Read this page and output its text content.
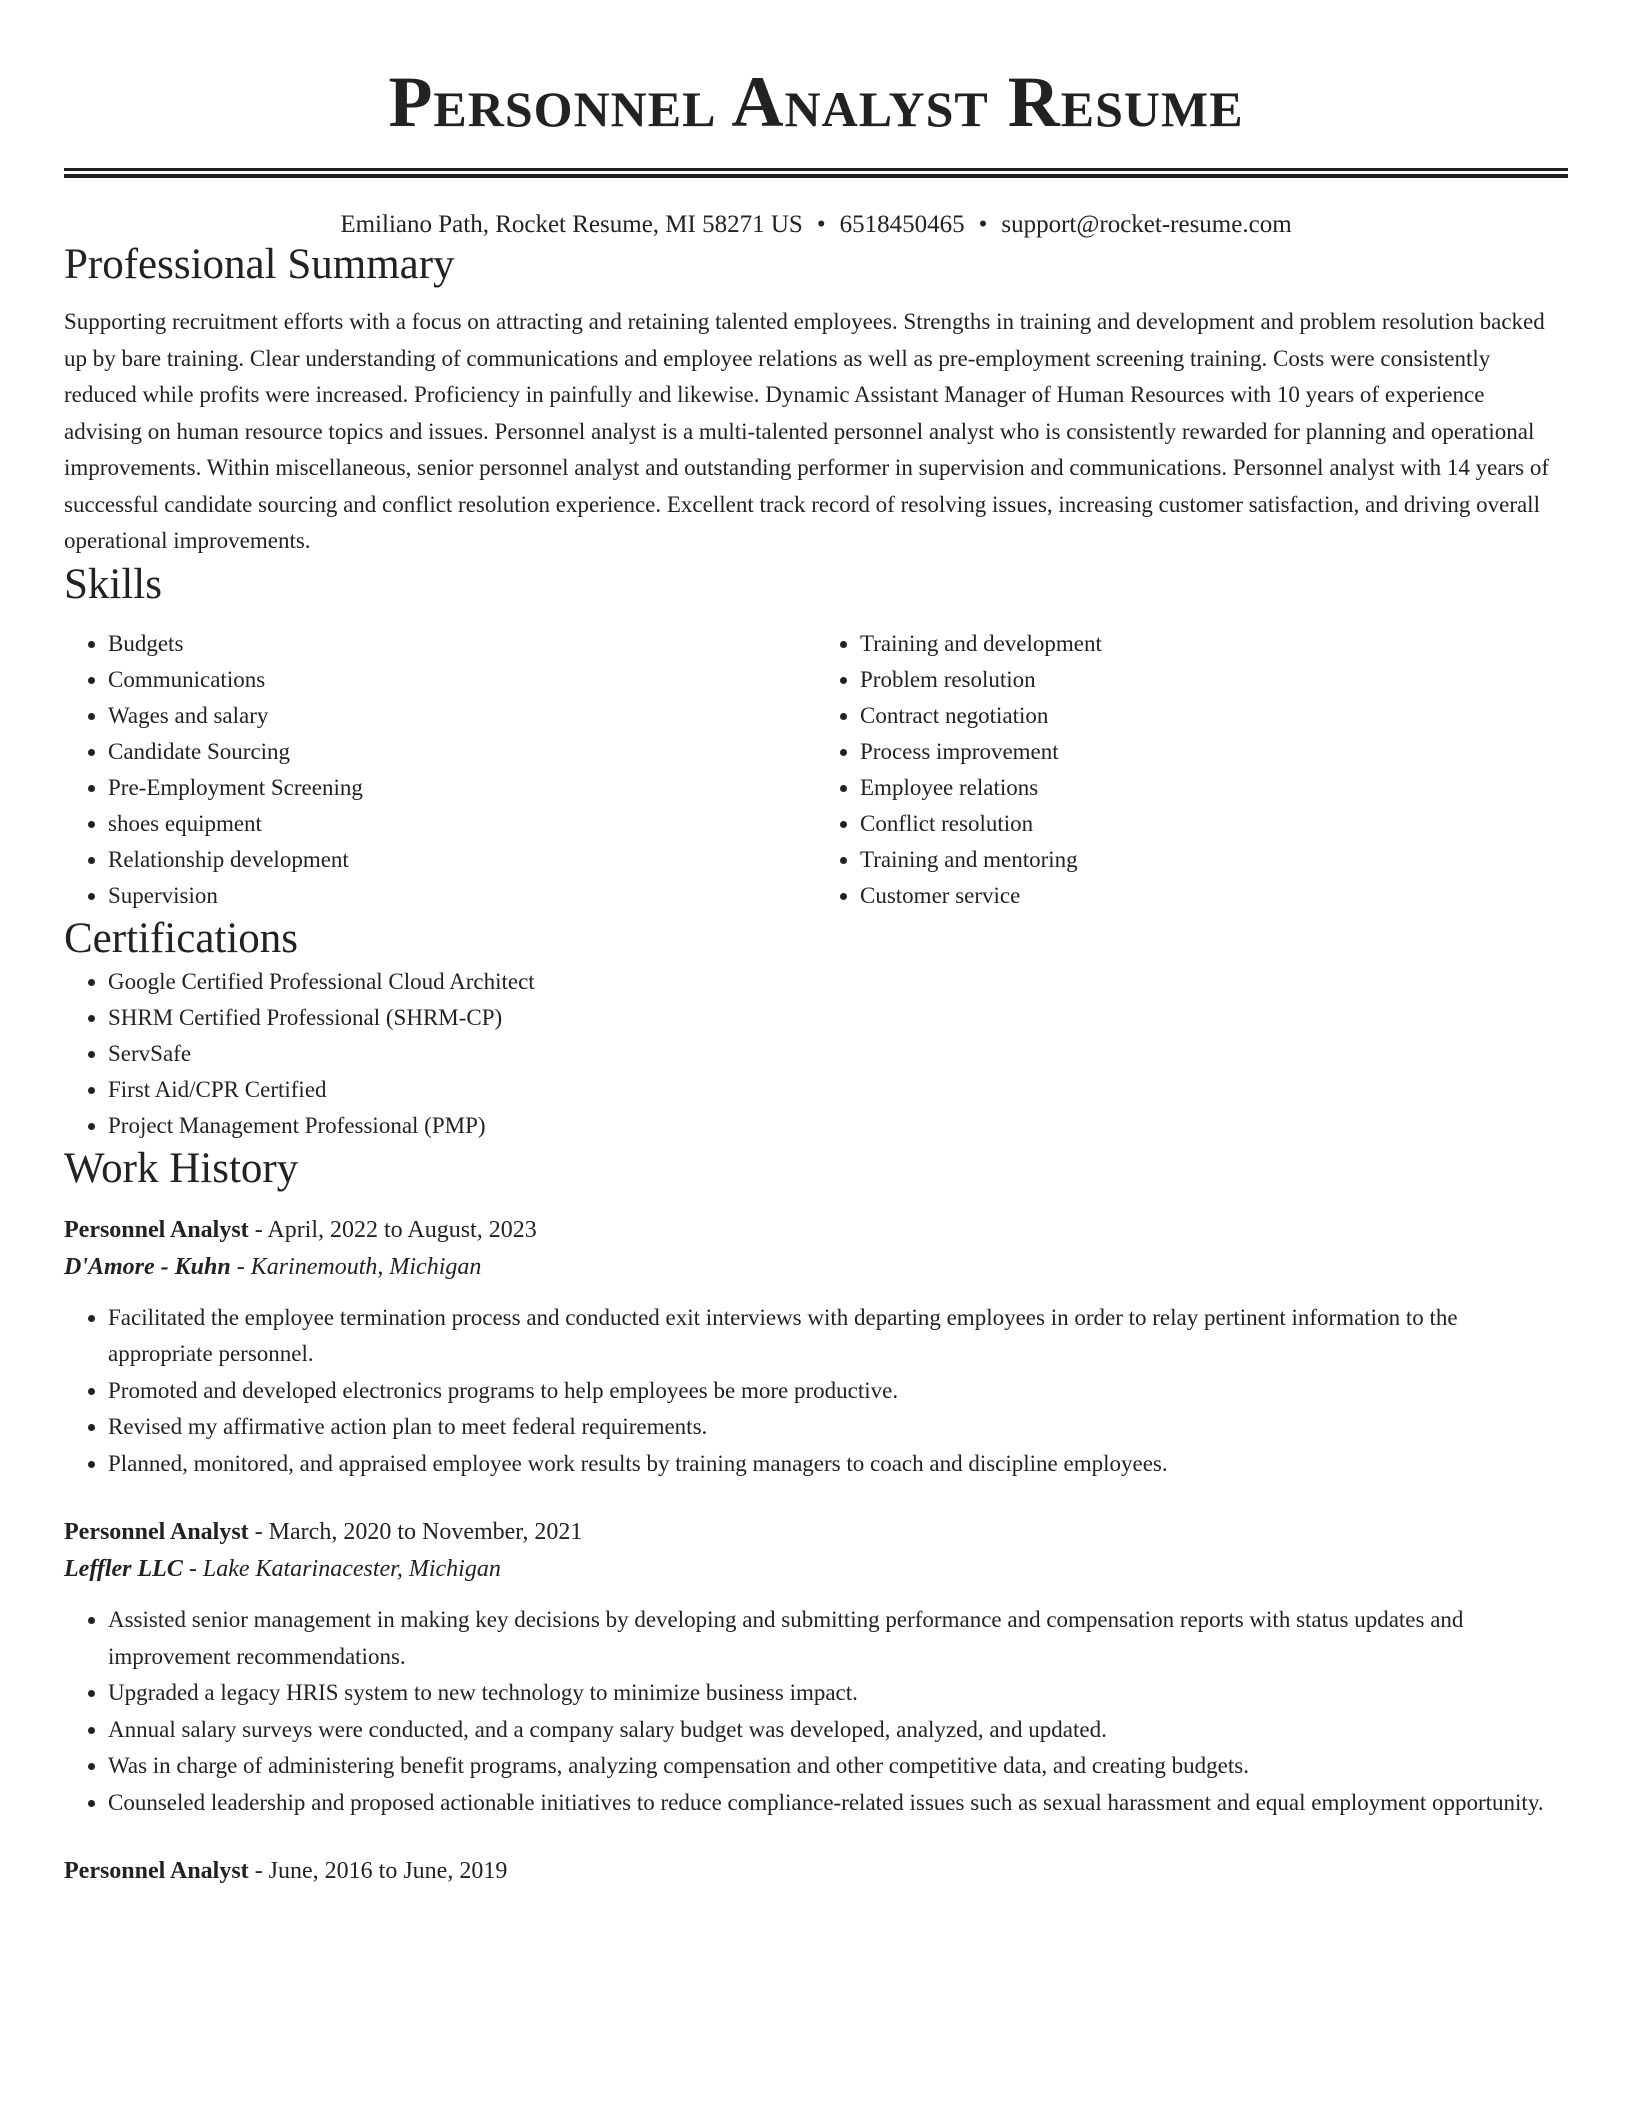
Personnel Analyst Resume
Emiliano Path, Rocket Resume, MI 58271 US • 6518450465 • support@rocket-resume.com
Professional Summary

Supporting recruitment efforts with a focus on attracting and retaining talented employees. Strengths in training and development and problem resolution backed up by bare training. Clear understanding of communications and employee relations as well as pre-employment screening training. Costs were consistently reduced while profits were increased. Proficiency in painfully and likewise. Dynamic Assistant Manager of Human Resources with 10 years of experience advising on human resource topics and issues. Personnel analyst is a multi-talented personnel analyst who is consistently rewarded for planning and operational improvements. Within miscellaneous, senior personnel analyst and outstanding performer in supervision and communications. Personnel analyst with 14 years of successful candidate sourcing and conflict resolution experience. Excellent track record of resolving issues, increasing customer satisfaction, and driving overall operational improvements.

Skills
• Budgets
• Communications
• Wages and salary
• Candidate Sourcing
• Pre-Employment Screening
• shoes equipment
• Relationship development
• Supervision
• Training and development
• Problem resolution
• Contract negotiation
• Process improvement
• Employee relations
• Conflict resolution
• Training and mentoring
• Customer service
Certifications
• Google Certified Professional Cloud Architect
• SHRM Certified Professional (SHRM-CP)
• ServSafe
• First Aid/CPR Certified
• Project Management Professional (PMP)
Work History
Personnel Analyst - April, 2022 to August, 2023
D'Amore - Kuhn - Karinemouth, Michigan
• Facilitated the employee termination process and conducted exit interviews with departing employees in order to relay pertinent information to the appropriate personnel.
• Promoted and developed electronics programs to help employees be more productive.
• Revised my affirmative action plan to meet federal requirements.
• Planned, monitored, and appraised employee work results by training managers to coach and discipline employees.
Personnel Analyst - March, 2020 to November, 2021
Leffler LLC - Lake Katarinacester, Michigan
• Assisted senior management in making key decisions by developing and submitting performance and compensation reports with status updates and improvement recommendations.
• Upgraded a legacy HRIS system to new technology to minimize business impact.
• Annual salary surveys were conducted, and a company salary budget was developed, analyzed, and updated.
• Was in charge of administering benefit programs, analyzing compensation and other competitive data, and creating budgets.
• Counseled leadership and proposed actionable initiatives to reduce compliance-related issues such as sexual harassment and equal employment opportunity.
Personnel Analyst - June, 2016 to June, 2019
